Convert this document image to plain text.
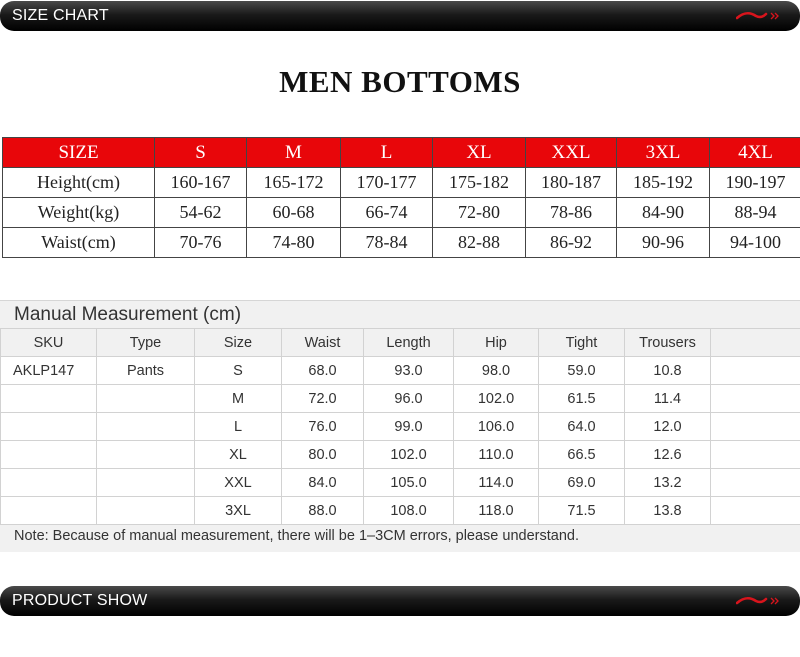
SIZE CHART
MEN BOTTOMS
SIZE	S	M	L	XL	XXL	3XL	4XL
Height(cm)	160-167	165-172	170-177	175-182	180-187	185-192	190-197
Weight(kg)	54-62	60-68	66-74	72-80	78-86	84-90	88-94
Waist(cm)	70-76	74-80	78-84	82-88	86-92	90-96	94-100
Manual Measurement (cm)
SKU	Type	Size	Waist	Length	Hip	Tight	Trousers	
AKLP147	Pants	S	68.0	93.0	98.0	59.0	10.8	
		M	72.0	96.0	102.0	61.5	11.4	
		L	76.0	99.0	106.0	64.0	12.0	
		XL	80.0	102.0	110.0	66.5	12.6	
		XXL	84.0	105.0	114.0	69.0	13.2	
		3XL	88.0	108.0	118.0	71.5	13.8	
Note: Because of manual measurement, there will be 1–3CM errors, please understand.
PRODUCT SHOW
